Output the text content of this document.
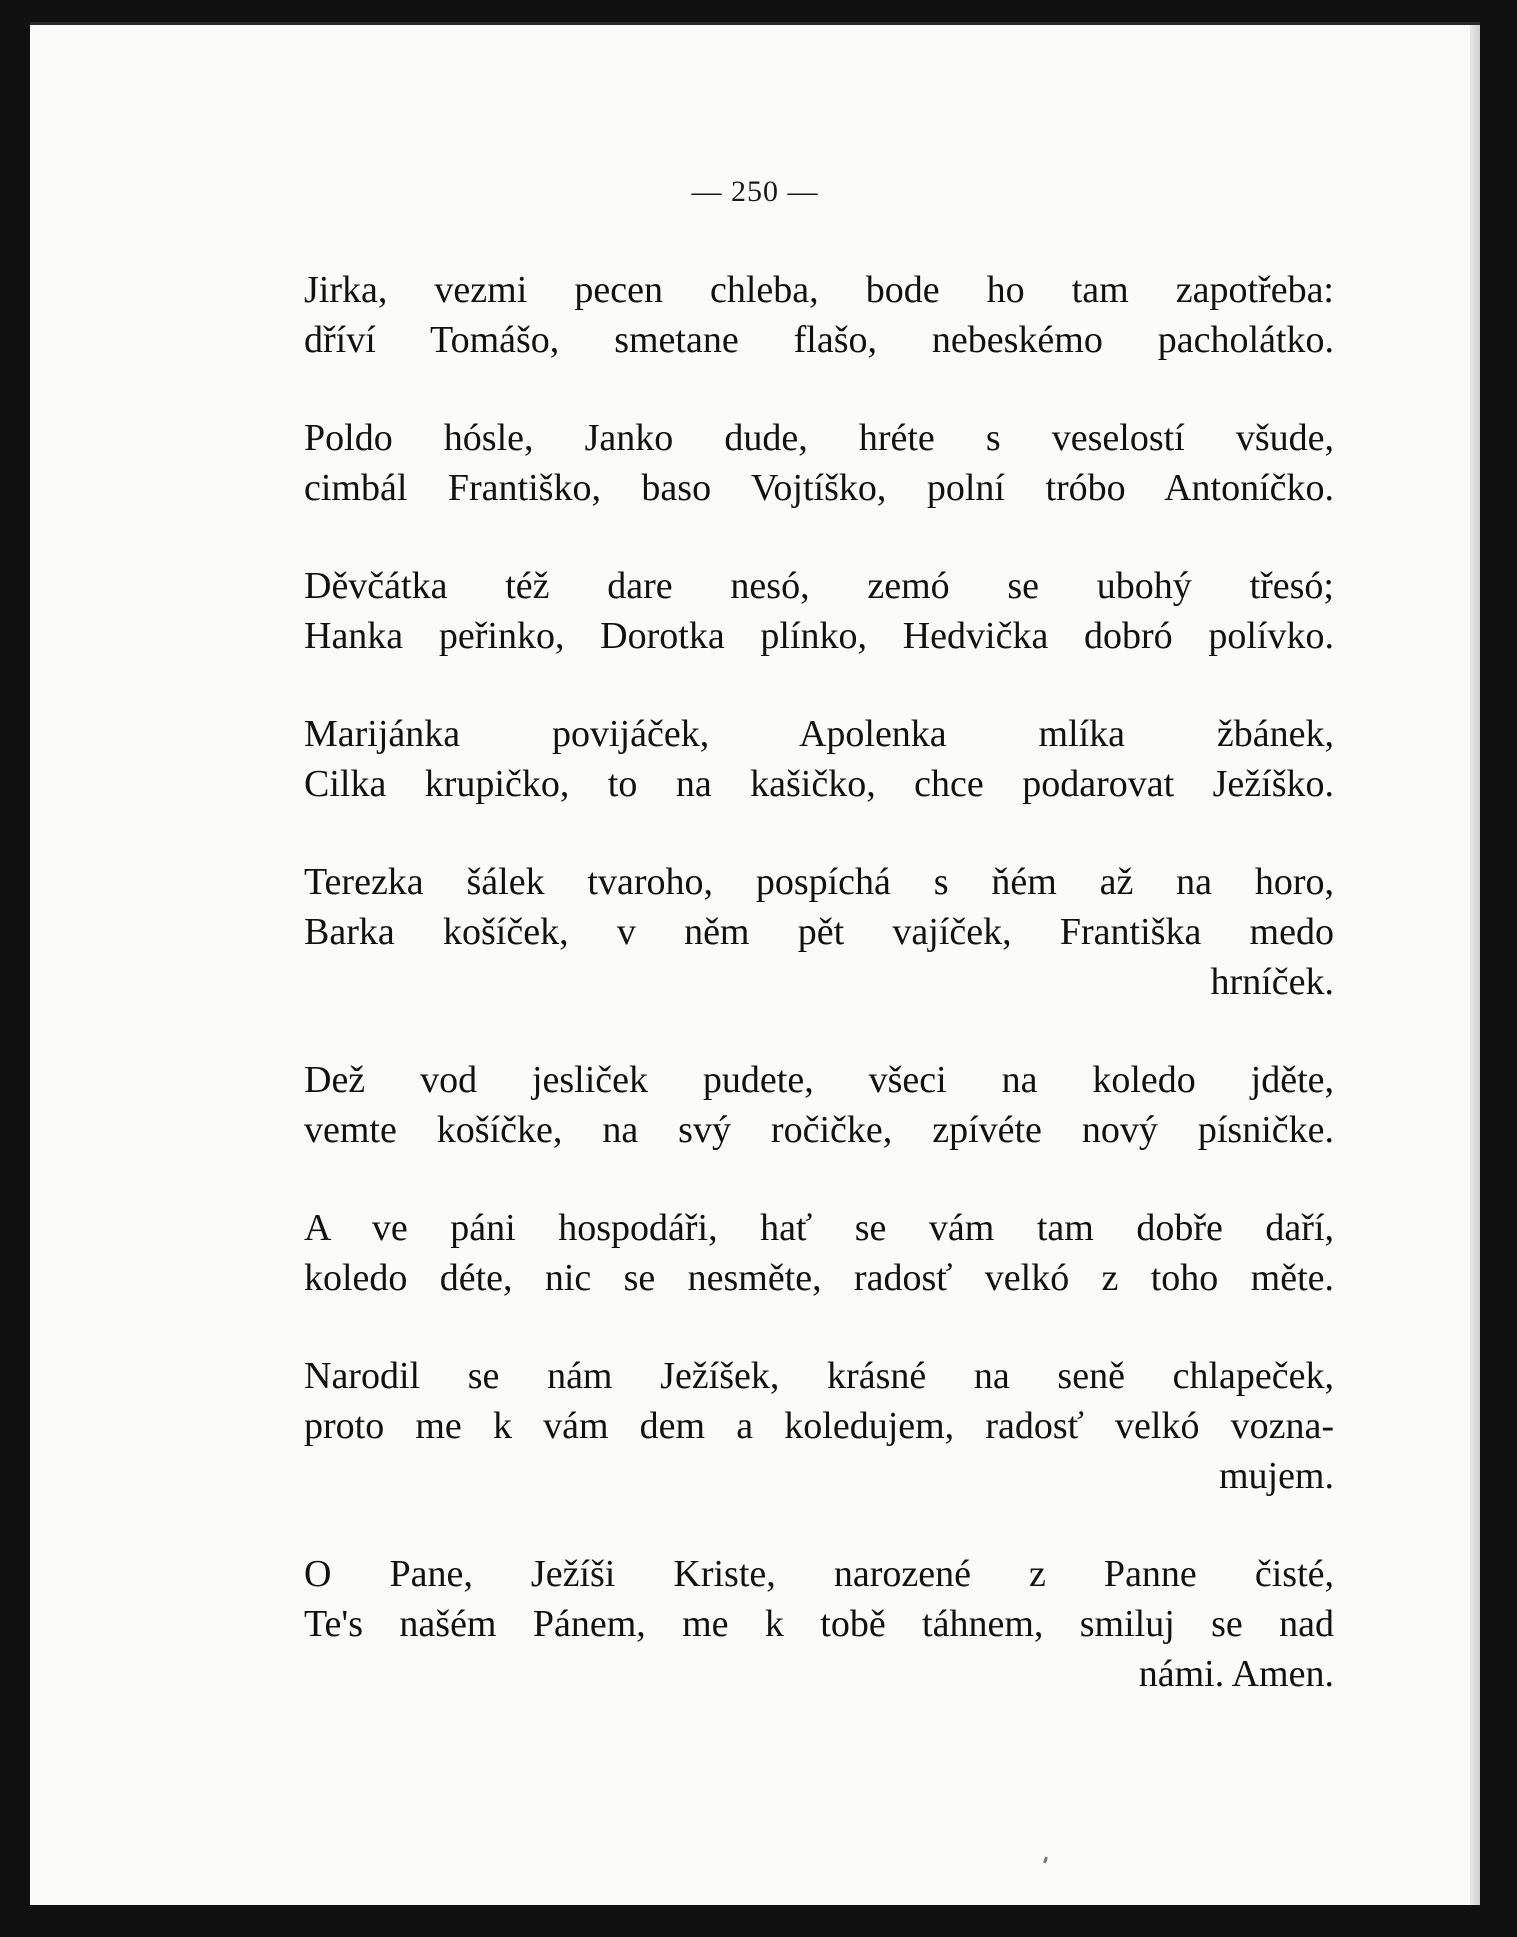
— 250 —
Jirka, vezmi pecen chleba, bode ho tam zapotřeba:
dříví Tomášo, smetane flašo, nebeskémo pacholátko.
Poldo hósle, Janko dude, hréte s veselostí všude,
cimbál Františko, baso Vojtíško, polní tróbo Antoníčko.
Děvčátka též dare nesó, zemó se ubohý třesó;
Hanka peřinko, Dorotka plínko, Hedvička dobró polívko.
Marijánka povijáček, Apolenka mlíka žbánek,
Cilka krupičko, to na kašičko, chce podarovat Ježíško.
Terezka šálek tvaroho, pospíchá s ňém až na horo,
Barka košíček, v něm pět vajíček, Františka medo
hrníček.
Dež vod jesliček pudete, všeci na koledo jděte,
vemte košíčke, na svý ročičke, zpívéte nový písničke.
A ve páni hospodáři, hať se vám tam dobře daří,
koledo déte, nic se nesměte, radosť velkó z toho měte.
Narodil se nám Ježíšek, krásné na seně chlapeček,
proto me k vám dem a koledujem, radosť velkó vozna-
mujem.
O Pane, Ježíši Kriste, narozené z Panne čisté,
Te's našém Pánem, me k tobě táhnem, smiluj se nad
námi. Amen.
